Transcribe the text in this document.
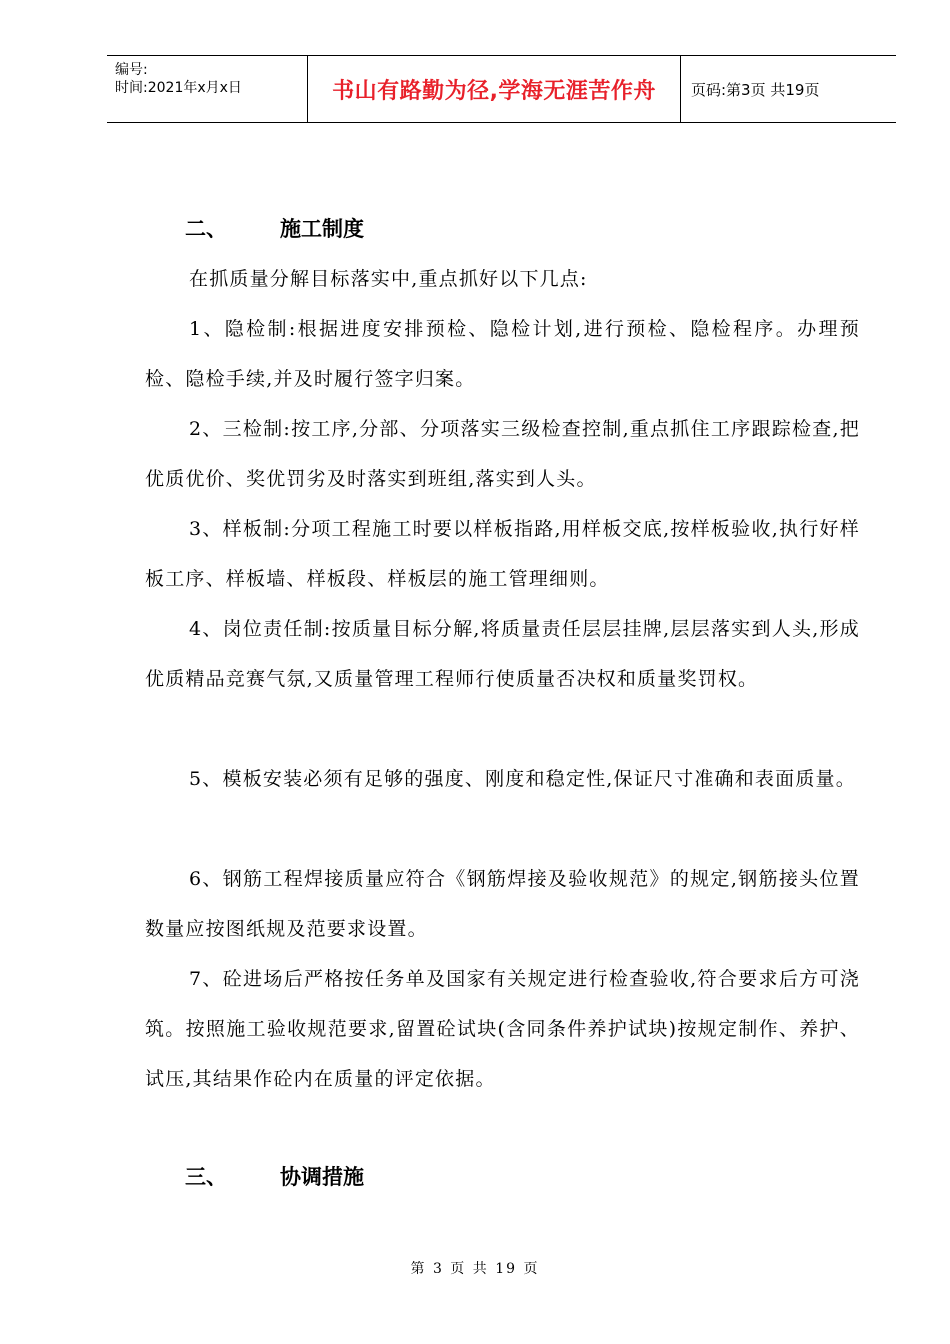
编号:
时间:2021年x月x日	书山有路勤为径,学海无涯苦作舟	页码:第3页 共19页
二、	施工制度
在抓质量分解目标落实中,重点抓好以下几点:
1、隐检制:根据进度安排预检、隐检计划,进行预检、隐检程序。办理预检、隐检手续,并及时履行签字归案。
2、三检制:按工序,分部、分项落实三级检查控制,重点抓住工序跟踪检查,把优质优价、奖优罚劣及时落实到班组,落实到人头。
3、样板制:分项工程施工时要以样板指路,用样板交底,按样板验收,执行好样板工序、样板墙、样板段、样板层的施工管理细则。
4、岗位责任制:按质量目标分解,将质量责任层层挂牌,层层落实到人头,形成优质精品竞赛气氛,又质量管理工程师行使质量否决权和质量奖罚权。
5、模板安装必须有足够的强度、刚度和稳定性,保证尺寸准确和表面质量。
6、钢筋工程焊接质量应符合《钢筋焊接及验收规范》的规定,钢筋接头位置数量应按图纸规及范要求设置。
7、砼进场后严格按任务单及国家有关规定进行检查验收,符合要求后方可浇筑。按照施工验收规范要求,留置砼试块(含同条件养护试块)按规定制作、养护、试压,其结果作砼内在质量的评定依据。
三、	协调措施
第 3 页 共 19 页
